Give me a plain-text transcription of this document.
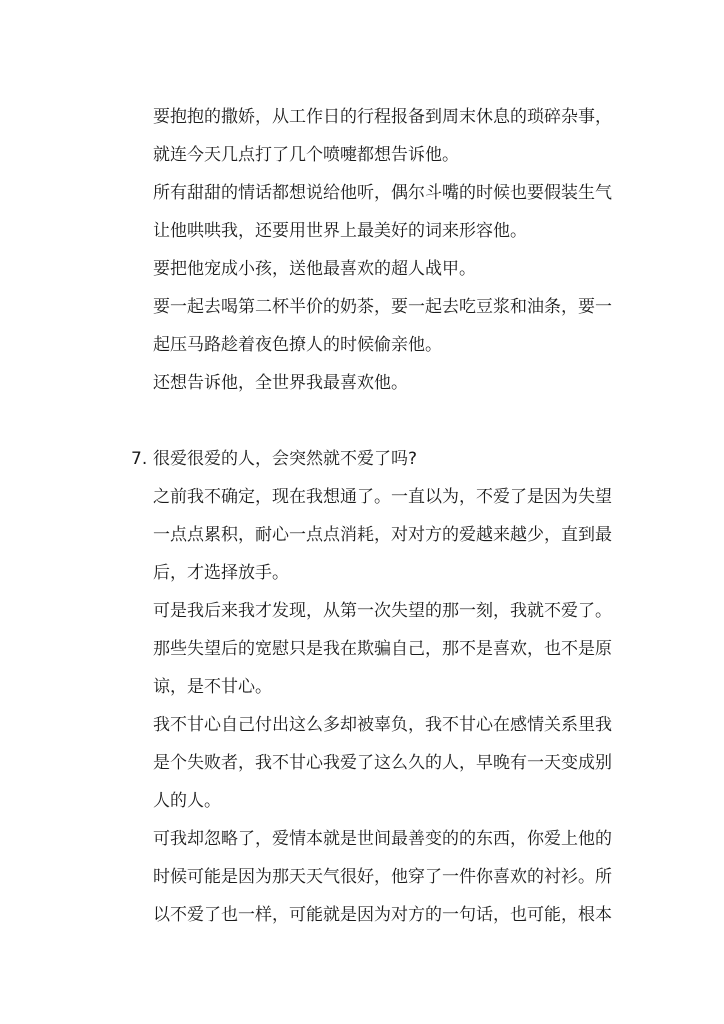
要抱抱的撒娇，从工作日的行程报备到周末休息的琐碎杂事，
就连今天几点打了几个喷嚏都想告诉他。
所有甜甜的情话都想说给他听，偶尔斗嘴的时候也要假装生气
让他哄哄我，还要用世界上最美好的词来形容他。
要把他宠成小孩，送他最喜欢的超人战甲。
要一起去喝第二杯半价的奶茶，要一起去吃豆浆和油条，要一
起压马路趁着夜色撩人的时候偷亲他。
还想告诉他，全世界我最喜欢他。
7. 很爱很爱的人，会突然就不爱了吗?
之前我不确定，现在我想通了。一直以为，不爱了是因为失望
一点点累积，耐心一点点消耗，对对方的爱越来越少，直到最
后，才选择放手。
可是我后来我才发现，从第一次失望的那一刻，我就不爱了。
那些失望后的宽慰只是我在欺骗自己，那不是喜欢，也不是原
谅，是不甘心。
我不甘心自己付出这么多却被辜负，我不甘心在感情关系里我
是个失败者，我不甘心我爱了这么久的人，早晚有一天变成别
人的人。
可我却忽略了，爱情本就是世间最善变的的东西，你爱上他的
时候可能是因为那天天气很好，他穿了一件你喜欢的衬衫。所
以不爱了也一样，可能就是因为对方的一句话，也可能，根本
